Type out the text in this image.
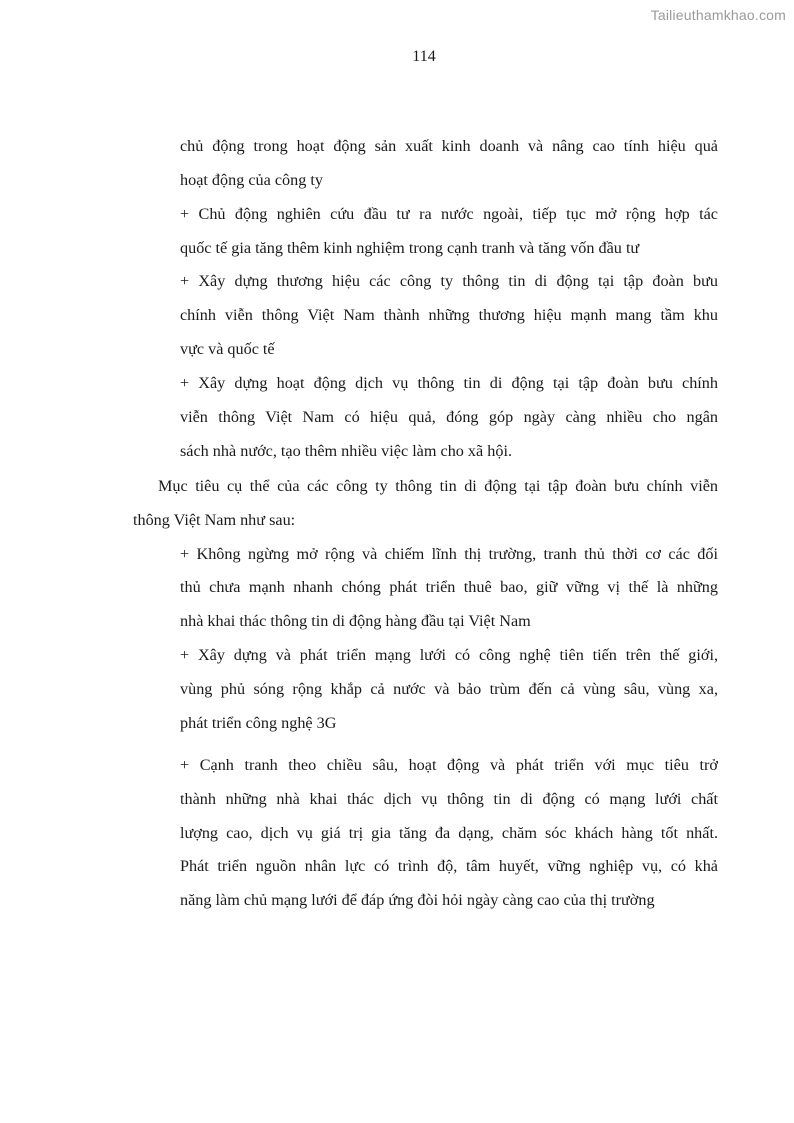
Tailieuthamkhao.com
114
chủ động trong hoạt động sản xuất kinh doanh và nâng cao tính hiệu quả
hoạt động của công ty
+ Chủ động nghiên cứu đầu tư ra nước ngoài, tiếp tục mở rộng hợp tác
quốc tế gia tăng thêm kinh nghiệm trong cạnh tranh và tăng vốn đầu tư
+ Xây dựng thương hiệu các công ty thông tin di động tại tập đoàn bưu
chính viễn thông Việt Nam thành những thương hiệu mạnh mang tầm khu
vực và quốc tế
+ Xây dựng hoạt động dịch vụ thông tin di động tại tập đoàn bưu chính
viễn thông Việt Nam có hiệu quả, đóng góp ngày càng nhiều cho ngân
sách nhà nước, tạo thêm nhiều việc làm cho xã hội.
Mục tiêu cụ thể của các công ty thông tin di động tại tập đoàn bưu chính viễn
thông Việt Nam như sau:
+ Không ngừng mở rộng và chiếm lĩnh thị trường, tranh thủ thời cơ các đối
thủ chưa mạnh nhanh chóng phát triển thuê bao, giữ vững vị thế là những
nhà khai thác thông tin di động hàng đầu tại Việt Nam
+ Xây dựng và phát triển mạng lưới có công nghệ tiên tiến trên thế giới,
vùng phủ sóng rộng khắp cả nước và bảo trùm đến cả vùng sâu, vùng xa,
phát triển công nghệ 3G
+ Cạnh tranh theo chiều sâu, hoạt động và phát triển với mục tiêu trở
thành những nhà khai thác dịch vụ thông tin di động có mạng lưới chất
lượng cao, dịch vụ giá trị gia tăng đa dạng, chăm sóc khách hàng tốt nhất.
Phát triển nguồn nhân lực có trình độ, tâm huyết, vững nghiệp vụ, có khả
năng làm chủ mạng lưới để đáp ứng đòi hỏi ngày càng cao của thị trường
